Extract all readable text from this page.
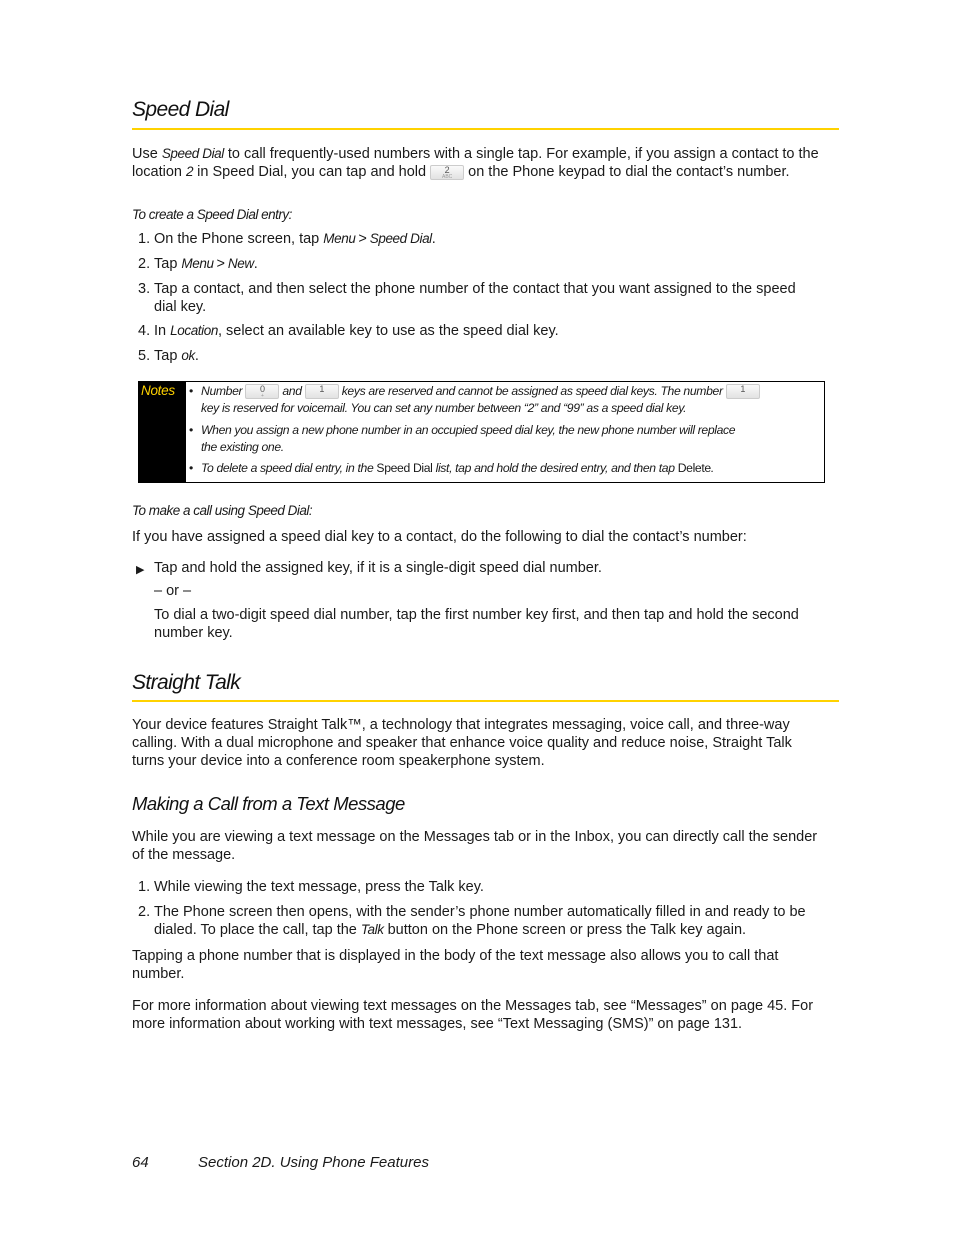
Speed Dial
Use Speed Dial to call frequently-used numbers with a single tap. For example, if you assign a contact to the
location 2 in Speed Dial, you can tap and hold	2
ABC on the Phone keypad to dial the contact’s number.
To create a Speed Dial entry:
1. On the Phone screen, tap Menu > Speed Dial.
2. Tap Menu > New.
3. Tap a contact, and then select the phone number of the contact that you want assigned to the speed
dial key.
4. In Location, select an available key to use as the speed dial key.
5. Tap ok.
Notes	• Number	0
+	and	1
	keys are reserved and cannot be assigned as speed dial keys. The number	1

key is reserved for voicemail. You can set any number between “2” and “99” as a speed dial key.
• When you assign a new phone number in an occupied speed dial key, the new phone number will replace
the existing one.
• To delete a speed dial entry, in the Speed Dial list, tap and hold the desired entry, and then tap Delete.
To make a call using Speed Dial:
If you have assigned a speed dial key to a contact, do the following to dial the contact’s number:
▶ Tap and hold the assigned key, if it is a single-digit speed dial number.
– or –
To dial a two-digit speed dial number, tap the first number key first, and then tap and hold the second
number key.
Straight Talk
Your device features Straight Talk™, a technology that integrates messaging, voice call, and three-way
calling. With a dual microphone and speaker that enhance voice quality and reduce noise, Straight Talk
turns your device into a conference room speakerphone system.
Making a Call from a Text Message
While you are viewing a text message on the Messages tab or in the Inbox, you can directly call the sender
of the message.
1. While viewing the text message, press the Talk key.
2. The Phone screen then opens, with the sender’s phone number automatically filled in and ready to be
dialed. To place the call, tap the Talk button on the Phone screen or press the Talk key again.
Tapping a phone number that is displayed in the body of the text message also allows you to call that
number.
For more information about viewing text messages on the Messages tab, see “Messages” on page 45. For
more information about working with text messages, see “Text Messaging (SMS)” on page 131.
64	Section 2D. Using Phone Features
